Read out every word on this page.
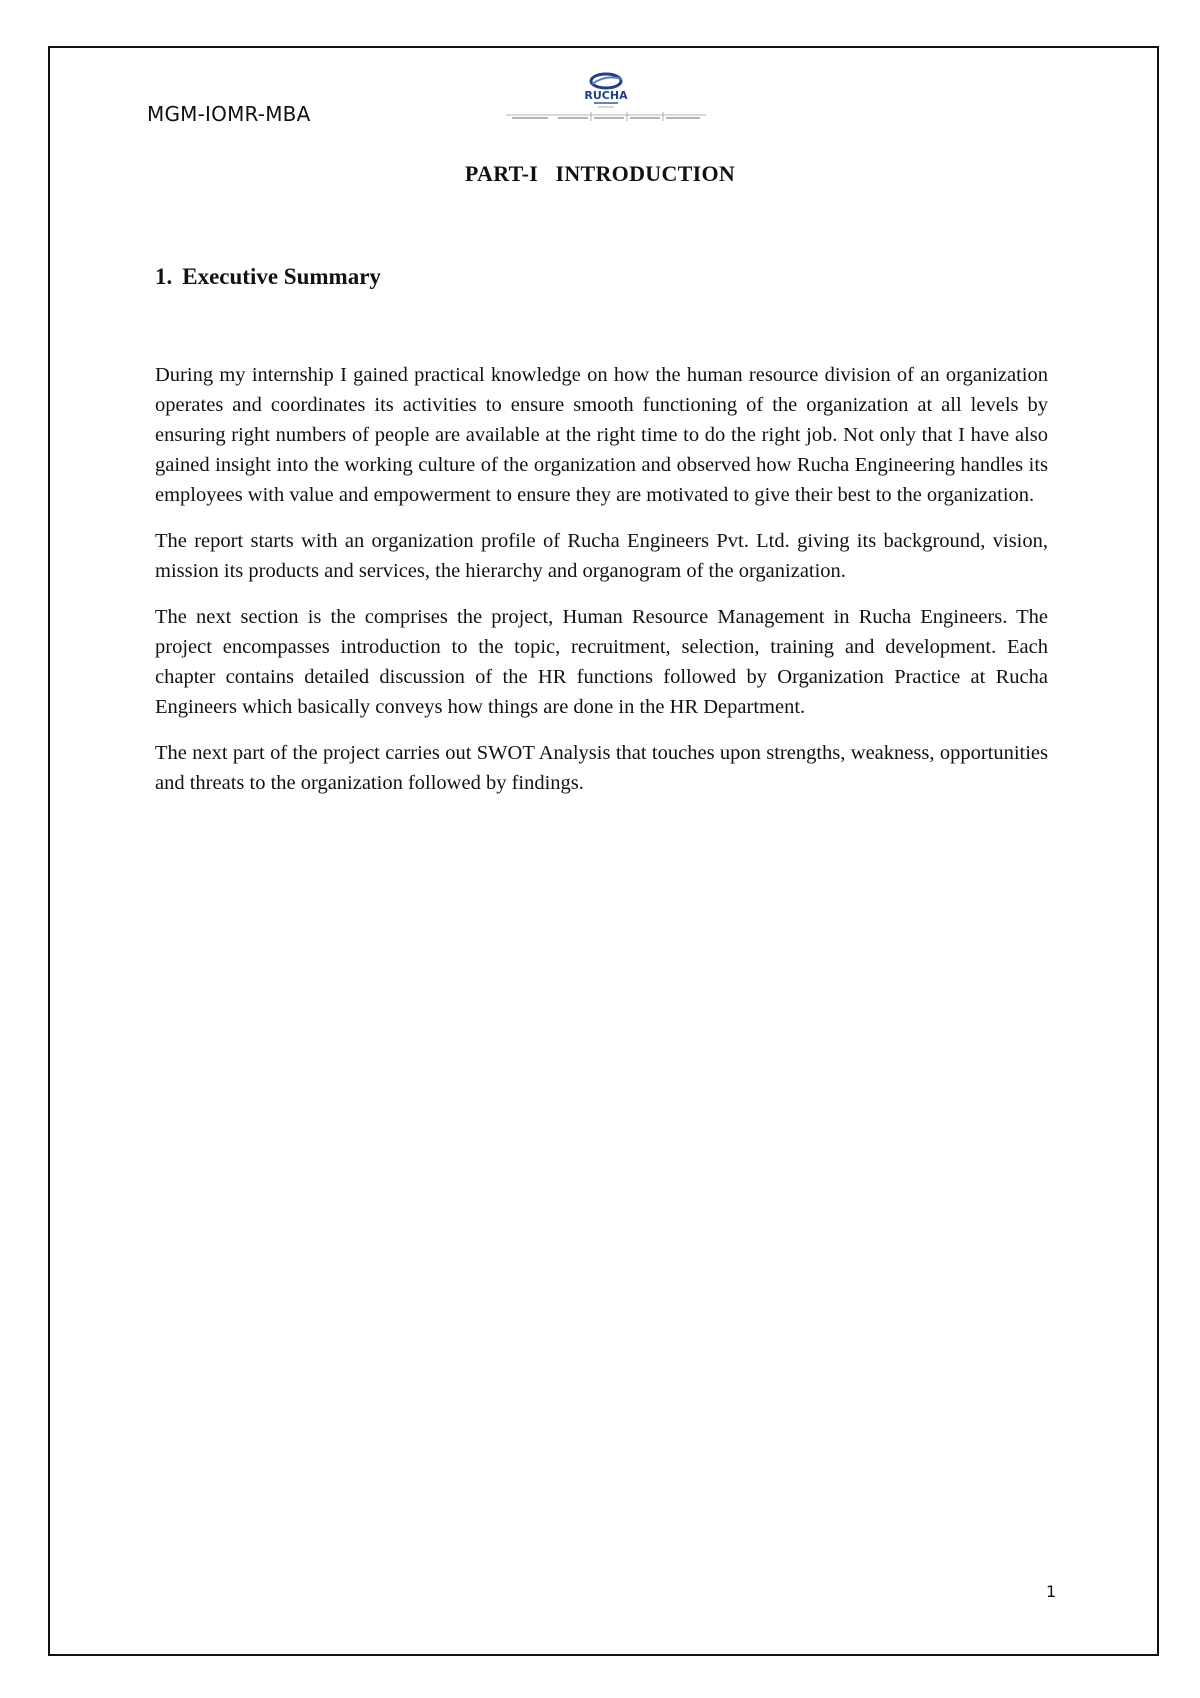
MGM-IOMR-MBA
RUCHA
PART-I   INTRODUCTION
1. Executive Summary

During my internship I gained practical knowledge on how the human resource division of an organization operates and coordinates its activities to ensure smooth functioning of the organization at all levels by ensuring right numbers of people are available at the right time to do the right job. Not only that I have also gained insight into the working culture of the organization and observed how Rucha Engineering handles its employees with value and empowerment to ensure they are motivated to give their best to the organization.

The report starts with an organization profile of Rucha Engineers Pvt. Ltd. giving its background, vision, mission its products and services, the hierarchy and organogram of the organization.

The next section is the comprises the project, Human Resource Management in Rucha Engineers. The project encompasses introduction to the topic, recruitment, selection, training and development. Each chapter contains detailed discussion of the HR functions followed by Organization Practice at Rucha Engineers which basically conveys how things are done in the HR Department.

The next part of the project carries out SWOT Analysis that touches upon strengths, weakness, opportunities and threats to the organization followed by findings.

1
